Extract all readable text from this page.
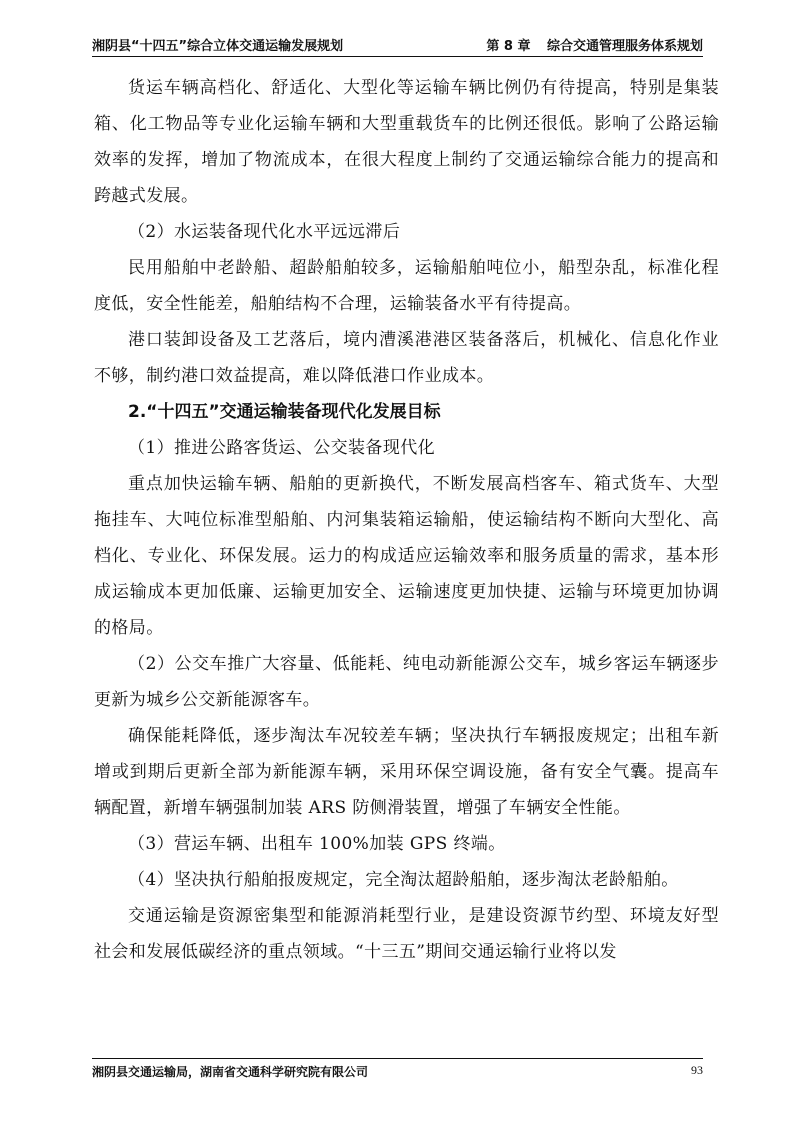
湘阴县“十四五”综合立体交通运输发展规划	第 8 章 综合交通管理服务体系规划

货运车辆高档化、舒适化、大型化等运输车辆比例仍有待提高，特别是集装箱、化工物品等专业化运输车辆和大型重载货车的比例还很低。影响了公路运输效率的发挥，增加了物流成本，在很大程度上制约了交通运输综合能力的提高和跨越式发展。

（2）水运装备现代化水平远远滞后

民用船舶中老龄船、超龄船舶较多，运输船舶吨位小，船型杂乱，标准化程度低，安全性能差，船舶结构不合理，运输装备水平有待提高。

港口装卸设备及工艺落后，境内漕溪港港区装备落后，机械化、信息化作业不够，制约港口效益提高，难以降低港口作业成本。

2.“十四五”交通运输装备现代化发展目标

（1）推进公路客货运、公交装备现代化

重点加快运输车辆、船舶的更新换代，不断发展高档客车、箱式货车、大型拖挂车、大吨位标准型船舶、内河集装箱运输船，使运输结构不断向大型化、高档化、专业化、环保发展。运力的构成适应运输效率和服务质量的需求，基本形成运输成本更加低廉、运输更加安全、运输速度更加快捷、运输与环境更加协调的格局。

（2）公交车推广大容量、低能耗、纯电动新能源公交车，城乡客运车辆逐步更新为城乡公交新能源客车。

确保能耗降低，逐步淘汰车况较差车辆；坚决执行车辆报废规定；出租车新增或到期后更新全部为新能源车辆，采用环保空调设施，备有安全气囊。提高车辆配置，新增车辆强制加装 ARS 防侧滑装置，增强了车辆安全性能。

（3）营运车辆、出租车 100%加装 GPS 终端。

（4）坚决执行船舶报废规定，完全淘汰超龄船舶，逐步淘汰老龄船舶。

交通运输是资源密集型和能源消耗型行业，是建设资源节约型、环境友好型社会和发展低碳经济的重点领域。“十三五”期间交通运输行业将以发

湘阴县交通运输局，湖南省交通科学研究院有限公司	93
